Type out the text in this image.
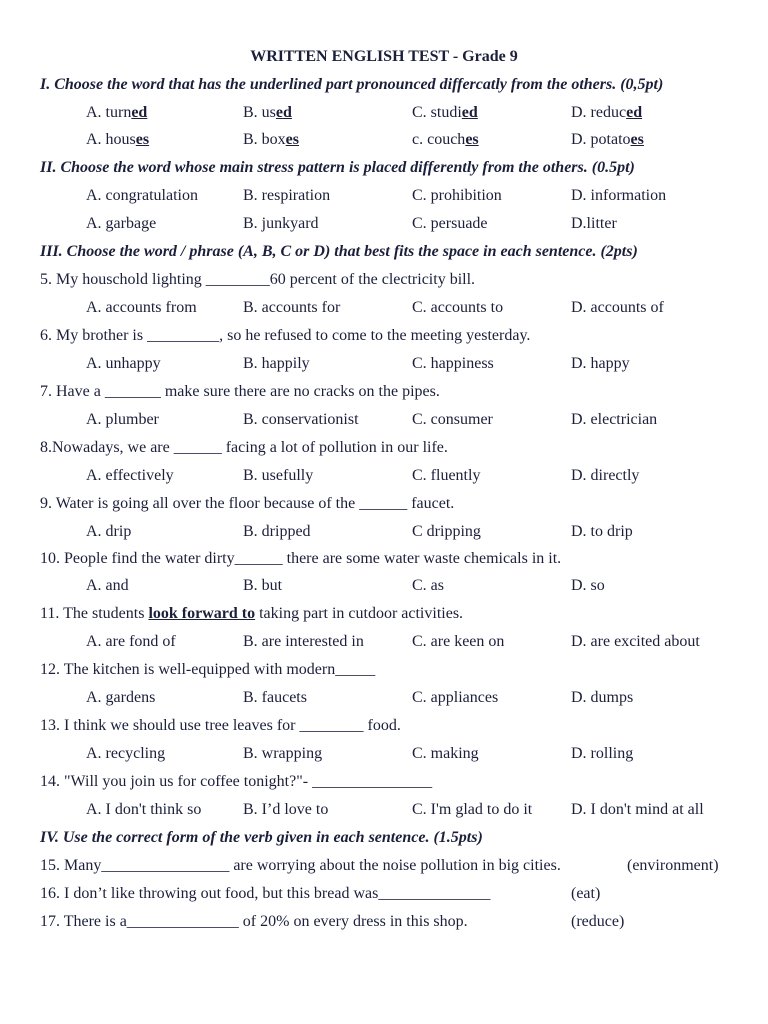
WRITTEN ENGLISH TEST - Grade 9
I. Choose the word that has the underlined part pronounced differcatly from the others. (0,5pt)
A. turned	B. used	C. studied	D. reduced
A. houses	B. boxes	c. couches	D. potatoes
II. Choose the word whose main stress pattern is placed differently from the others. (0.5pt)
A. congratulation	B. respiration	C. prohibition	D. information
A. garbage	B. junkyard	C. persuade	D.litter
III. Choose the word / phrase (A, B, C or D) that best fits the space in each sentence. (2pts)
5. My houschold lighting ________60 percent of the clectricity bill.
A. accounts from	B. accounts for	C. accounts to	D. accounts of
6. My brother is _________, so he refused to come to the meeting yesterday.
A. unhappy	B. happily	C. happiness	D. happy
7. Have a _______ make sure there are no cracks on the pipes.
A. plumber	B. conservationist	C. consumer	D. electrician
8.Nowadays, we are ______ facing a lot of pollution in our life.
A. effectively	B. usefully	C. fluently	D. directly
9. Water is going all over the floor because of the ______ faucet.
A. drip	B. dripped	C dripping	D. to drip
10. People find the water dirty______ there are some water waste chemicals in it.
A. and	B. but	C. as	D. so
11. The students look forward to taking part in cutdoor activities.
A. are fond of	B. are interested in	C. are keen on	D. are excited about
12. The kitchen is well-equipped with modern_____
A. gardens	B. faucets	C. appliances	D. dumps
13. I think we should use tree leaves for ________ food.
A. recycling	B. wrapping	C. making	D. rolling
14. "Will you join us for coffee tonight?"- _______________
A. I don't think so	B. I’d love to	C. I'm glad to do it D. I don't mind at all
IV. Use the correct form of the verb given in each sentence. (1.5pts)
15. Many________________ are worrying about the noise pollution in big cities.	(environment)
16. I don’t like throwing out food, but this bread was______________	(eat)
17. There is a______________ of 20% on every dress in this shop.	(reduce)
